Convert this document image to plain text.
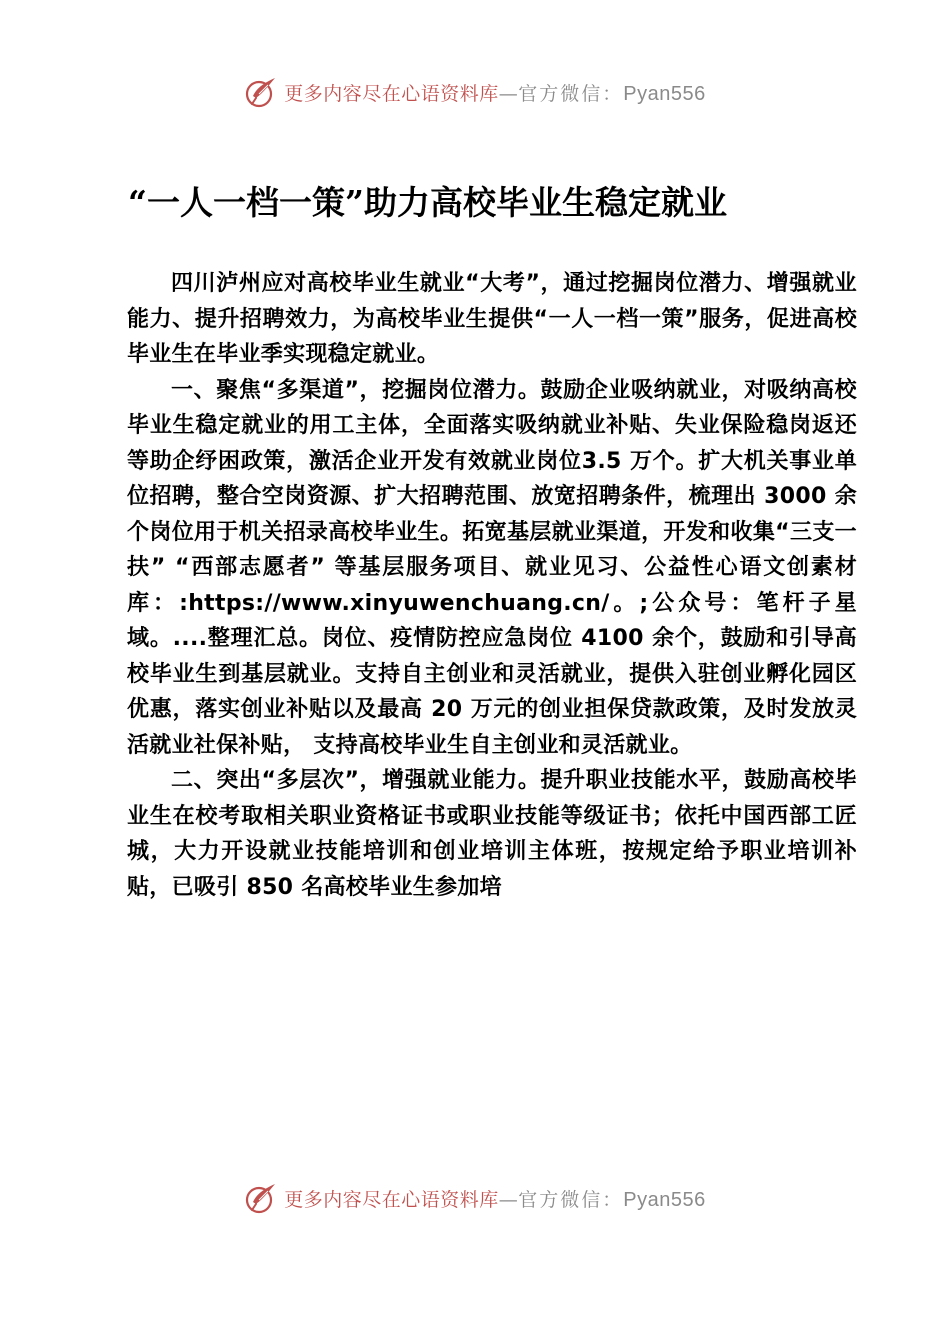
更多内容尽在心语资料库—官方微信：Pyan556
“一人一档一策”助力高校毕业生稳定就业

四川泸州应对高校毕业生就业“大考”，通过挖掘岗位潜力、增强就业能力、提升招聘效力，为高校毕业生提供“一人一档一策”服务，促进高校毕业生在毕业季实现稳定就业。

一、聚焦“多渠道”，挖掘岗位潜力。鼓励企业吸纳就业，对吸纳高校毕业生稳定就业的用工主体，全面落实吸纳就业补贴、失业保险稳岗返还等助企纾困政策，激活企业开发有效就业岗位3.5 万个。扩大机关事业单位招聘，整合空岗资源、扩大招聘范围、放宽招聘条件，梳理出 3000 余个岗位用于机关招录高校毕业生。拓宽基层就业渠道，开发和收集“三支一扶” “西部志愿者” 等基层服务项目、就业见习、公益性心语文创素材库：:https://www.xinyuwenchuang.cn/。;公众号：笔杆子星域。....整理汇总。岗位、疫情防控应急岗位 4100 余个，鼓励和引导高校毕业生到基层就业。支持自主创业和灵活就业，提供入驻创业孵化园区优惠，落实创业补贴以及最高 20 万元的创业担保贷款政策，及时发放灵活就业社保补贴， 支持高校毕业生自主创业和灵活就业。

二、突出“多层次”，增强就业能力。提升职业技能水平，鼓励高校毕业生在校考取相关职业资格证书或职业技能等级证书；依托中国西部工匠城，大力开设就业技能培训和创业培训主体班，按规定给予职业培训补贴，已吸引 850 名高校毕业生参加培

更多内容尽在心语资料库—官方微信：Pyan556
